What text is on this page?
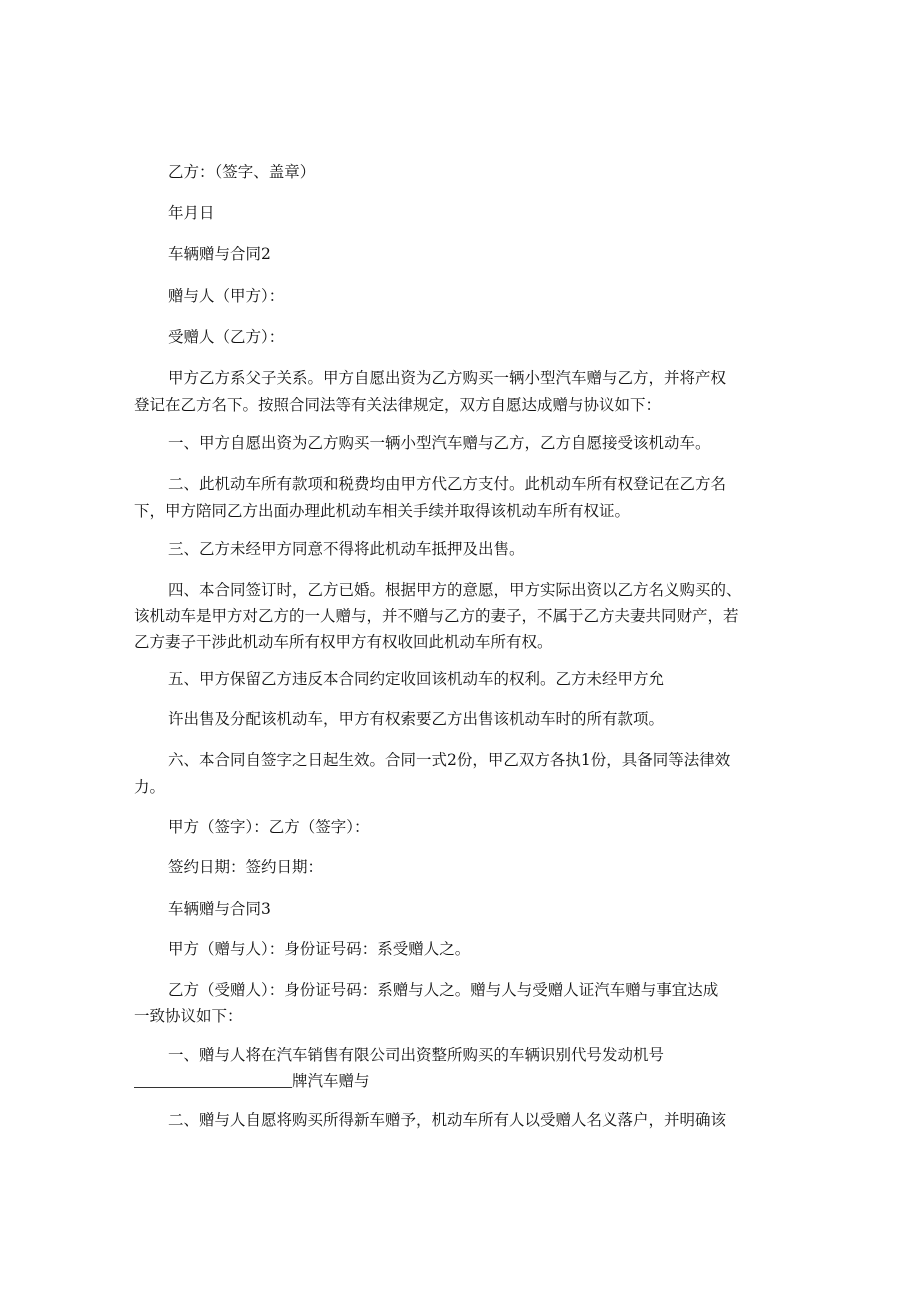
乙方：（签字、盖章）
年月日
车辆赠与合同2
赠与人（甲方）：
受赠人（乙方）：
甲方乙方系父子关系。甲方自愿出资为乙方购买一辆小型汽车赠与乙方，并将产权
登记在乙方名下。按照合同法等有关法律规定，双方自愿达成赠与协议如下：
一、甲方自愿出资为乙方购买一辆小型汽车赠与乙方，乙方自愿接受该机动车。
二、此机动车所有款项和税费均由甲方代乙方支付。此机动车所有权登记在乙方名
下，甲方陪同乙方出面办理此机动车相关手续并取得该机动车所有权证。
三、乙方未经甲方同意不得将此机动车抵押及出售。
四、本合同签订时，乙方已婚。根据甲方的意愿，甲方实际出资以乙方名义购买的、
该机动车是甲方对乙方的一人赠与，并不赠与乙方的妻子，不属于乙方夫妻共同财产，若
乙方妻子干涉此机动车所有权甲方有权收回此机动车所有权。
五、甲方保留乙方违反本合同约定收回该机动车的权利。乙方未经甲方允
许出售及分配该机动车，甲方有权索要乙方出售该机动车时的所有款项。
六、本合同自签字之日起生效。合同一式2份，甲乙双方各执1份，具备同等法律效
力。
甲方（签字）：乙方（签字）：
签约日期：签约日期：
车辆赠与合同3
甲方（赠与人）：身份证号码：系受赠人之。
乙方（受赠人）：身份证号码：系赠与人之。赠与人与受赠人证汽车赠与事宜达成
一致协议如下：
一、赠与人将在汽车销售有限公司出资整所购买的车辆识别代号发动机号
牌汽车赠与
二、赠与人自愿将购买所得新车赠予，机动车所有人以受赠人名义落户，并明确该
